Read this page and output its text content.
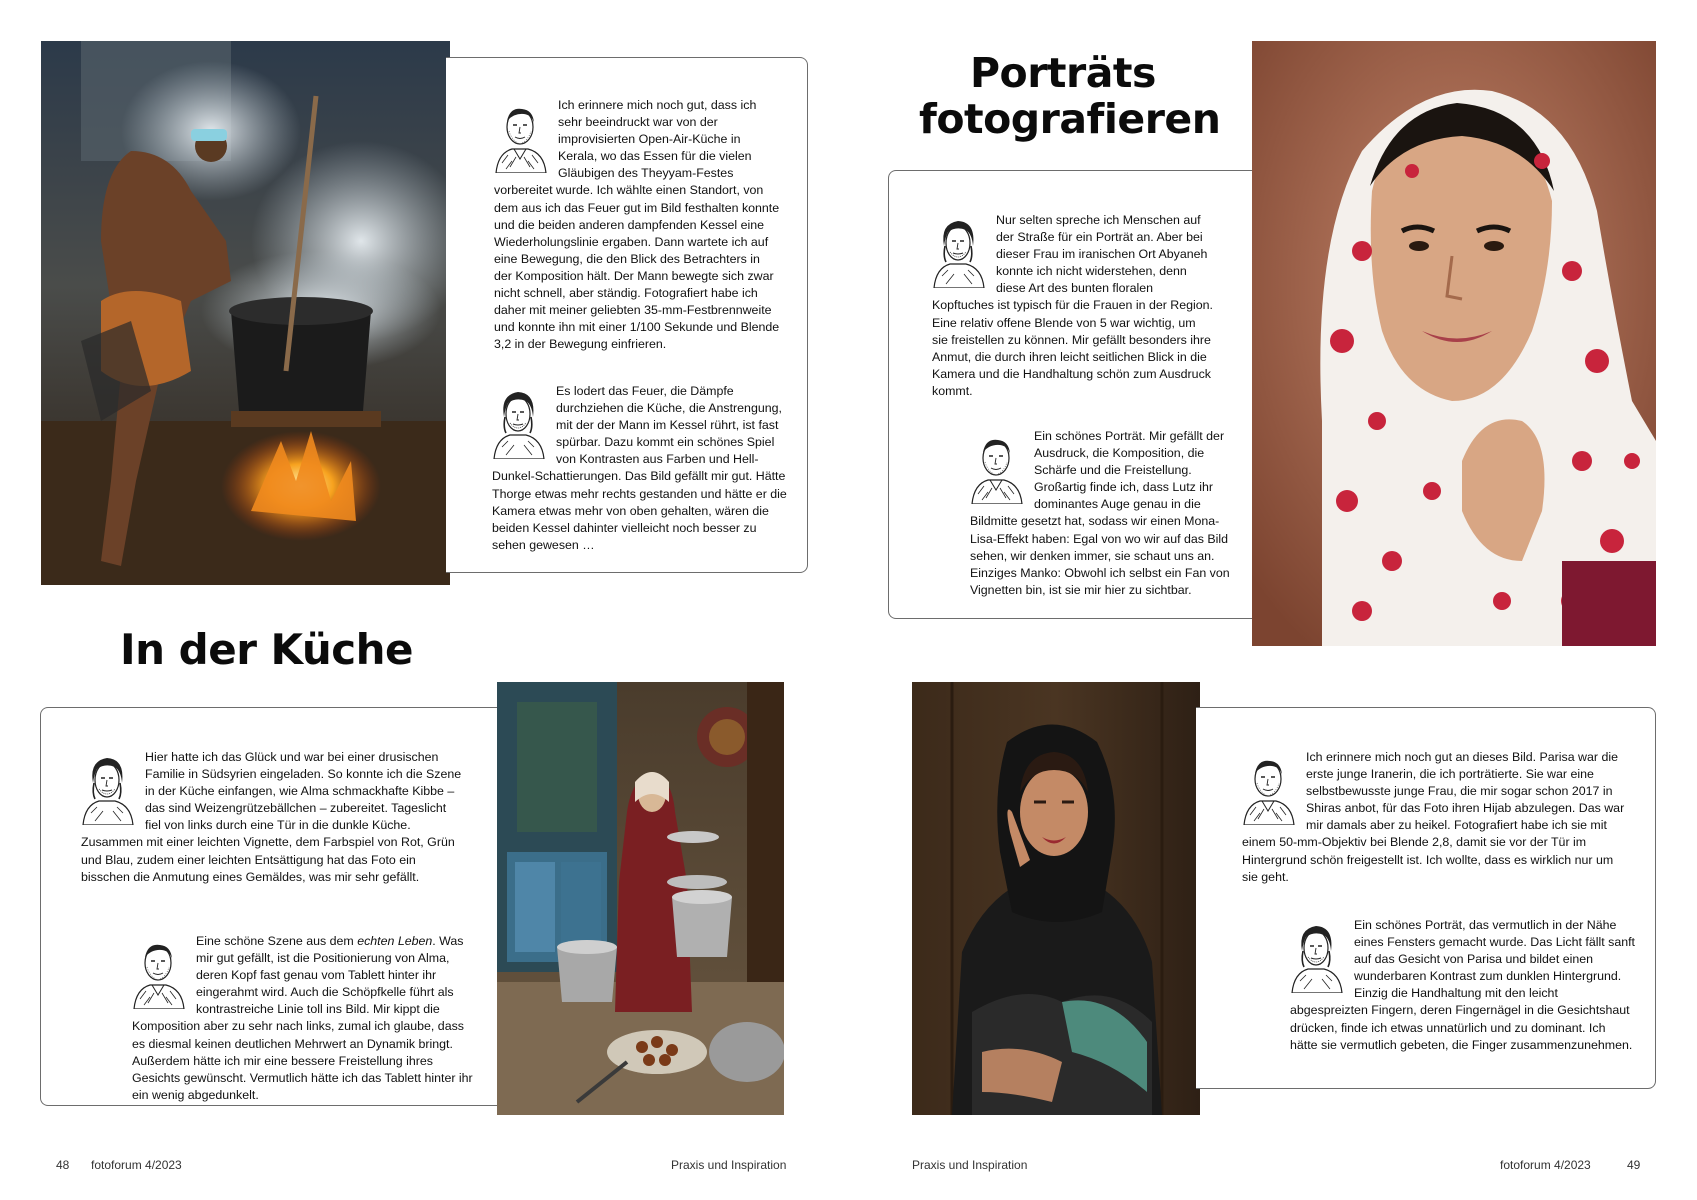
Ich erinnere mich noch gut, dass ich sehr beeindruckt war von der improvisierten Open-Air-Küche in Kerala, wo das Essen für die vielen Gläubigen des Theyyam-Festes vorbereitet wurde. Ich wählte einen Standort, von dem aus ich das Feuer gut im Bild festhalten konnte und die beiden anderen dampfenden Kessel eine Wiederholungslinie ergaben. Dann wartete ich auf eine Bewegung, die den Blick des Betrachters in der Komposition hält. Der Mann bewegte sich zwar nicht schnell, aber ständig. Fotografiert habe ich daher mit meiner geliebten 35-mm-Festbrennweite und konnte ihn mit einer 1/100 Sekunde und Blende 3,2 in der Bewegung einfrieren.
Es lodert das Feuer, die Dämpfe durchziehen die Küche, die Anstrengung, mit der der Mann im Kessel rührt, ist fast spürbar. Dazu kommt ein schönes Spiel von Kontrasten aus Farben und Hell-Dunkel-Schattierungen. Das Bild gefällt mir gut. Hätte Thorge etwas mehr rechts gestanden und hätte er die Kamera etwas mehr von oben gehalten, wären die beiden Kessel dahinter vielleicht noch besser zu sehen gewesen …
In der Küche
Hier hatte ich das Glück und war bei einer drusischen Familie in Südsyrien eingeladen. So konnte ich die Szene in der Küche einfangen, wie Alma schmackhafte Kibbe – das sind Weizengrützebällchen – zubereitet. Tageslicht fiel von links durch eine Tür in die dunkle Küche. Zusammen mit einer leichten Vignette, dem Farbspiel von Rot, Grün und Blau, zudem einer leichten Entsättigung hat das Foto ein bisschen die Anmutung eines Gemäldes, was mir sehr gefällt.
Eine schöne Szene aus dem echten Leben. Was mir gut gefällt, ist die Positionierung von Alma, deren Kopf fast genau vom Tablett hinter ihr eingerahmt wird. Auch die Schöpfkelle führt als kontrastreiche Linie toll ins Bild. Mir kippt die Komposition aber zu sehr nach links, zumal ich glaube, dass es diesmal keinen deutlichen Mehrwert an Dynamik bringt. Außerdem hätte ich mir eine bessere Freistellung ihres Gesichts gewünscht. Vermutlich hätte ich das Tablett hinter ihr ein wenig abgedunkelt.
48 fotoforum 4/2023	Praxis und Inspiration
Porträts
fotografieren
Nur selten spreche ich Menschen auf der Straße für ein Porträt an. Aber bei dieser Frau im iranischen Ort Abyaneh konnte ich nicht widerstehen, denn diese Art des bunten floralen Kopftuches ist typisch für die Frauen in der Region. Eine relativ offene Blende von 5 war wichtig, um sie freistellen zu können. Mir gefällt besonders ihre Anmut, die durch ihren leicht seitlichen Blick in die Kamera und die Handhaltung schön zum Ausdruck kommt.
Ein schönes Porträt. Mir gefällt der Ausdruck, die Komposition, die Schärfe und die Freistellung. Großartig finde ich, dass Lutz ihr dominantes Auge genau in die Bildmitte gesetzt hat, sodass wir einen Mona-Lisa-Effekt haben: Egal von wo wir auf das Bild sehen, wir denken immer, sie schaut uns an. Einziges Manko: Obwohl ich selbst ein Fan von Vignetten bin, ist sie mir hier zu sichtbar.
Ich erinnere mich noch gut an dieses Bild. Parisa war die erste junge Iranerin, die ich porträtierte. Sie war eine selbstbewusste junge Frau, die mir sogar schon 2017 in Shiras anbot, für das Foto ihren Hijab abzulegen. Das war mir damals aber zu heikel. Fotografiert habe ich sie mit einem 50-mm-Objektiv bei Blende 2,8, damit sie vor der Tür im Hintergrund schön freigestellt ist. Ich wollte, dass es wirklich nur um sie geht.
Ein schönes Porträt, das vermutlich in der Nähe eines Fensters gemacht wurde. Das Licht fällt sanft auf das Gesicht von Parisa und bildet einen wunderbaren Kontrast zum dunklen Hintergrund. Einzig die Handhaltung mit den leicht abgespreizten Fingern, deren Fingernägel in die Gesichtshaut drücken, finde ich etwas unnatürlich und zu dominant. Ich hätte sie vermutlich gebeten, die Finger zusammenzunehmen.
Praxis und Inspiration	fotoforum 4/2023	49
